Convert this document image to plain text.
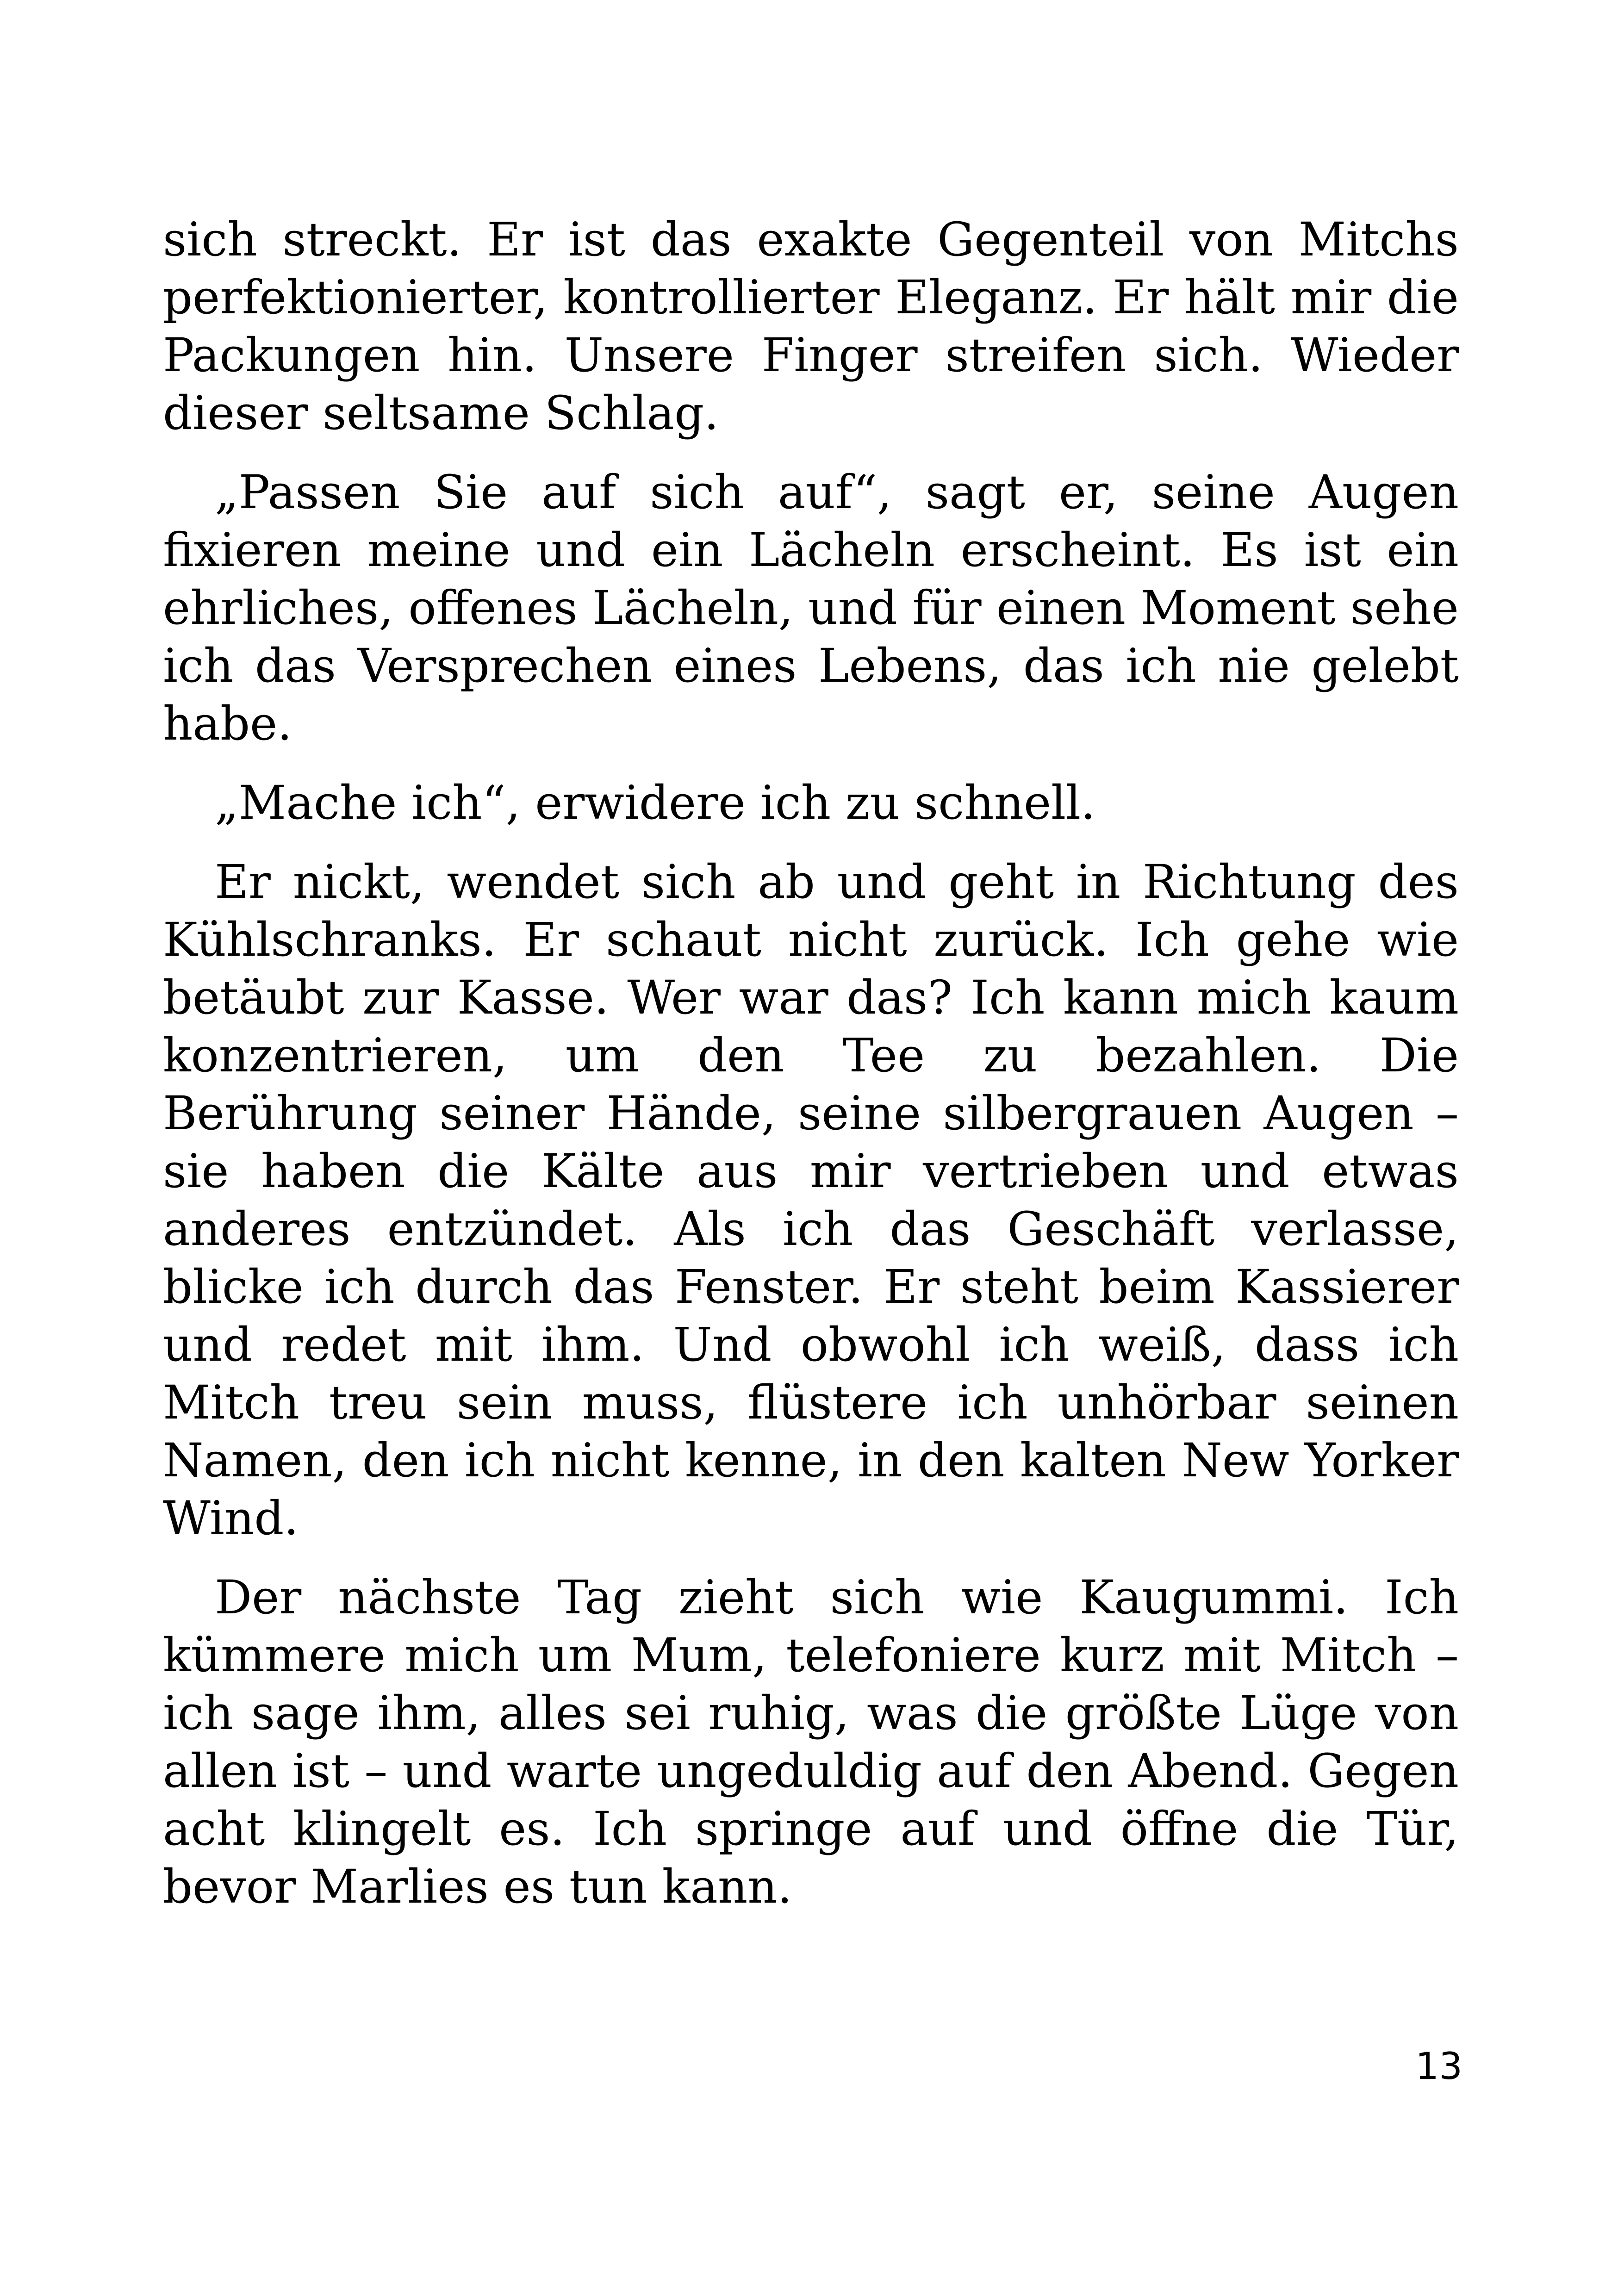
sich streckt. Er ist das exakte Gegenteil von Mitchs perfektionierter, kontrollierter Eleganz. Er hält mir die Packungen hin. Unsere Finger streifen sich. Wieder dieser seltsame Schlag.

„Passen Sie auf sich auf“, sagt er, seine Augen fixieren meine und ein Lächeln erscheint. Es ist ein ehrliches, offenes Lächeln, und für einen Moment sehe ich das Versprechen eines Lebens, das ich nie gelebt habe.

„Mache ich“, erwidere ich zu schnell.

Er nickt, wendet sich ab und geht in Richtung des Kühlschranks. Er schaut nicht zurück. Ich gehe wie betäubt zur Kasse. Wer war das? Ich kann mich kaum konzentrieren, um den Tee zu bezahlen. Die Berührung seiner Hände, seine silbergrauen Augen – sie haben die Kälte aus mir vertrieben und etwas anderes entzündet. Als ich das Geschäft verlasse, blicke ich durch das Fenster. Er steht beim Kassierer und redet mit ihm. Und obwohl ich weiß, dass ich Mitch treu sein muss, flüstere ich unhörbar seinen Namen, den ich nicht kenne, in den kalten New Yorker Wind.

Der nächste Tag zieht sich wie Kaugummi. Ich kümmere mich um Mum, telefoniere kurz mit Mitch – ich sage ihm, alles sei ruhig, was die größte Lüge von allen ist – und warte ungeduldig auf den Abend. Gegen acht klingelt es. Ich springe auf und öffne die Tür, bevor Marlies es tun kann.

13
